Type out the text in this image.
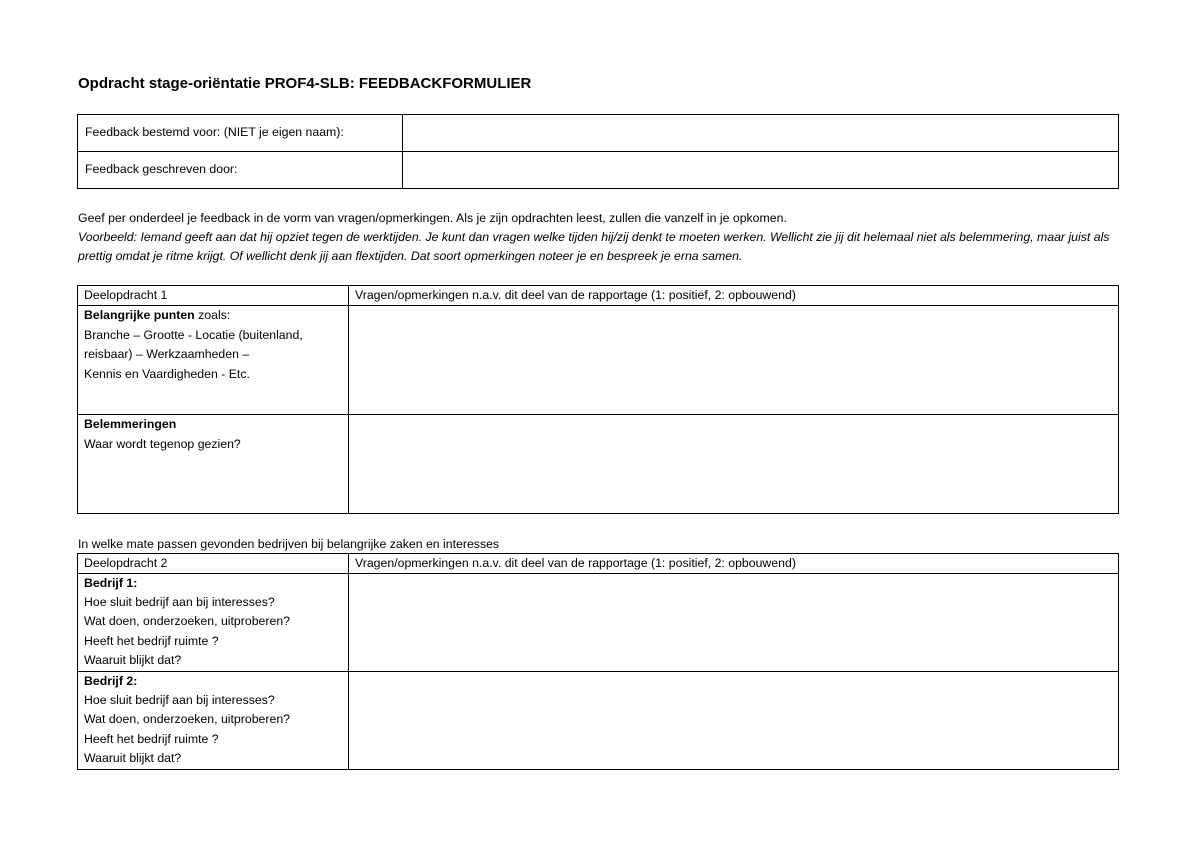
Opdracht stage-oriëntatie PROF4-SLB: FEEDBACKFORMULIER
Feedback bestemd voor: (NIET je eigen naam):	
Feedback geschreven door:	
Geef per onderdeel je feedback in de vorm van vragen/opmerkingen. Als je zijn opdrachten leest, zullen die vanzelf in je opkomen.
Voorbeeld: Iemand geeft aan dat hij opziet tegen de werktijden. Je kunt dan vragen welke tijden hij/zij denkt te moeten werken. Wellicht zie jij dit helemaal niet als belemmering, maar juist als prettig omdat je ritme krijgt. Of wellicht denk jij aan flextijden. Dat soort opmerkingen noteer je en bespreek je erna samen.
Deelopdracht 1	Vragen/opmerkingen n.a.v. dit deel van de rapportage (1: positief, 2: opbouwend)

Belangrijke punten zoals:
Branche – Grootte - Locatie (buitenland,
reisbaar) – Werkzaamheden –
Kennis en Vaardigheden - Etc.	

Belemmeringen
Waar wordt tegenop gezien?	

In welke mate passen gevonden bedrijven bij belangrijke zaken en interesses
Deelopdracht 2	Vragen/opmerkingen n.a.v. dit deel van de rapportage (1: positief, 2: opbouwend)

Bedrijf 1:
Hoe sluit bedrijf aan bij interesses?
Wat doen, onderzoeken, uitproberen?
Heeft het bedrijf ruimte ?
Waaruit blijkt dat?	

Bedrijf 2:
Hoe sluit bedrijf aan bij interesses?
Wat doen, onderzoeken, uitproberen?
Heeft het bedrijf ruimte ?
Waaruit blijkt dat?	
